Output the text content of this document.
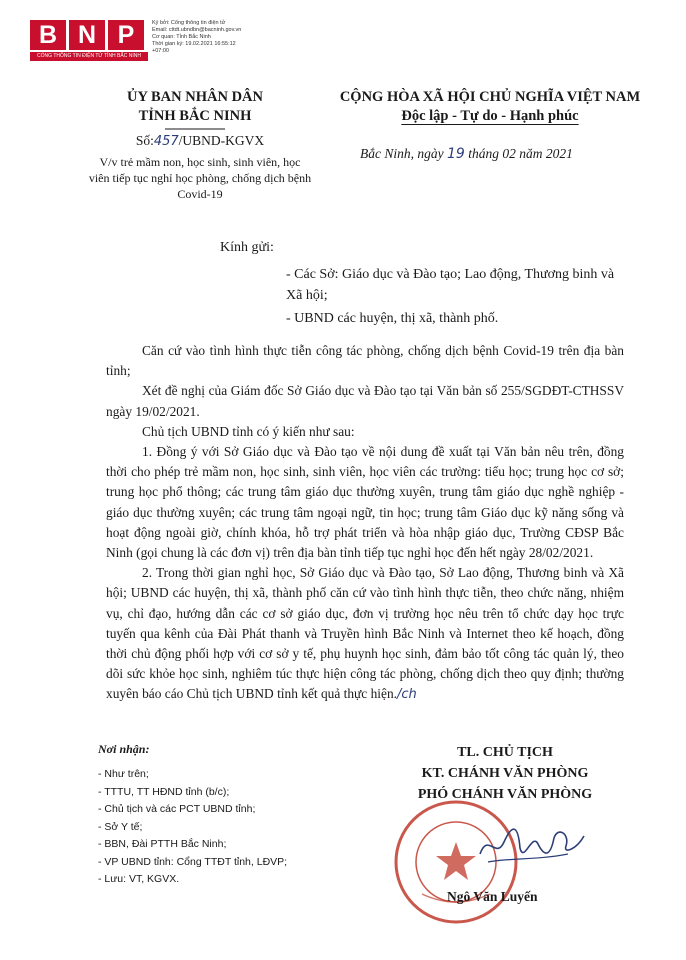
B N P
CỔNG THÔNG TIN ĐIỆN TỬ TỈNH BẮC NINH
Ký bởi: Cổng thông tin điện tử
Email: cttdt.ubndbn@bacninh.gov.vn
Cơ quan: Tỉnh Bắc Ninh
Thời gian ký: 19.02.2021 16:55:12
+07:00
ỦY BAN NHÂN DÂN
TỈNH BẮC NINH
CỘNG HÒA XÃ HỘI CHỦ NGHĨA VIỆT NAM
Độc lập - Tự do - Hạnh phúc
Số:457/UBND-KGVX
V/v trẻ mầm non, học sinh, sinh viên, học viên tiếp tục nghỉ học phòng, chống dịch bệnh Covid-19
Bắc Ninh, ngày 19 tháng 02 năm 2021
Kính gửi:
- Các Sở: Giáo dục và Đào tạo; Lao động, Thương binh và Xã hội;
- UBND các huyện, thị xã, thành phố.

Căn cứ vào tình hình thực tiễn công tác phòng, chống dịch bệnh Covid-19 trên địa bàn tỉnh;

Xét đề nghị của Giám đốc Sở Giáo dục và Đào tạo tại Văn bản số 255/SGDĐT-CTHSSV ngày 19/02/2021.

Chủ tịch UBND tỉnh có ý kiến như sau:

1. Đồng ý với Sở Giáo dục và Đào tạo về nội dung đề xuất tại Văn bản nêu trên, đồng thời cho phép trẻ mầm non, học sinh, sinh viên, học viên các trường: tiểu học; trung học cơ sở; trung học phổ thông; các trung tâm giáo dục thường xuyên, trung tâm giáo dục nghề nghiệp - giáo dục thường xuyên; các trung tâm ngoại ngữ, tin học; trung tâm Giáo dục kỹ năng sống và hoạt động ngoài giờ, chính khóa, hỗ trợ phát triển và hòa nhập giáo dục, Trường CĐSP Bắc Ninh (gọi chung là các đơn vị) trên địa bàn tỉnh tiếp tục nghỉ học đến hết ngày 28/02/2021.

2. Trong thời gian nghỉ học, Sở Giáo dục và Đào tạo, Sở Lao động, Thương binh và Xã hội; UBND các huyện, thị xã, thành phố căn cứ vào tình hình thực tiễn, theo chức năng, nhiệm vụ, chỉ đạo, hướng dẫn các cơ sở giáo dục, đơn vị trường học nêu trên tổ chức dạy học trực tuyến qua kênh của Đài Phát thanh và Truyền hình Bắc Ninh và Internet theo kế hoạch, đồng thời chủ động phối hợp với cơ sở y tế, phụ huynh học sinh, đảm bảo tốt công tác quản lý, theo dõi sức khỏe học sinh, nghiêm túc thực hiện công tác phòng, chống dịch theo quy định; thường xuyên báo cáo Chủ tịch UBND tỉnh kết quả thực hiện./ch

Nơi nhận:
- Như trên;
- TTTU, TT HĐND tỉnh (b/c);
- Chủ tịch và các PCT UBND tỉnh;
- Sở Y tế;
- BBN, Đài PTTH Bắc Ninh;
- VP UBND tỉnh: Cổng TTĐT tỉnh, LĐVP;
- Lưu: VT, KGVX.
TL. CHỦ TỊCH
KT. CHÁNH VĂN PHÒNG
PHÓ CHÁNH VĂN PHÒNG
Ngô Văn Luyến
